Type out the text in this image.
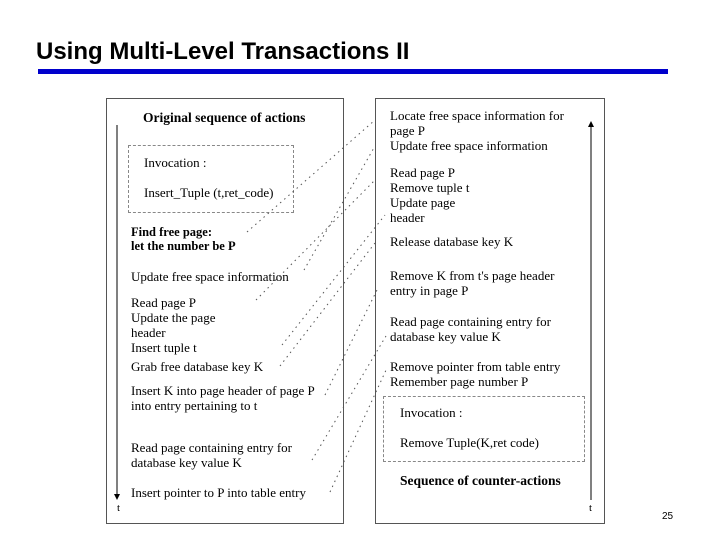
Using Multi-Level Transactions II
Original sequence of actions
Invocation :
Insert_Tuple (t,ret_code)
Find free page:
let the number be P
Update free space information
Read page P
Update the page
header
Insert tuple t
Grab free database key K
Insert K into page header of page P
into entry pertaining to t
Read page containing entry for
database key value K
Insert pointer to P into table entry
t
Locate free space information for
page P
Update free space information
Read page P
Remove tuple t
Update page
header
Release database key K
Remove K from t's page header
entry in page P
Read page containing entry for
database key value K
Remove pointer from table entry
Remember page number P
Invocation :
Remove Tuple(K,ret code)
Sequence of counter-actions
t
25
